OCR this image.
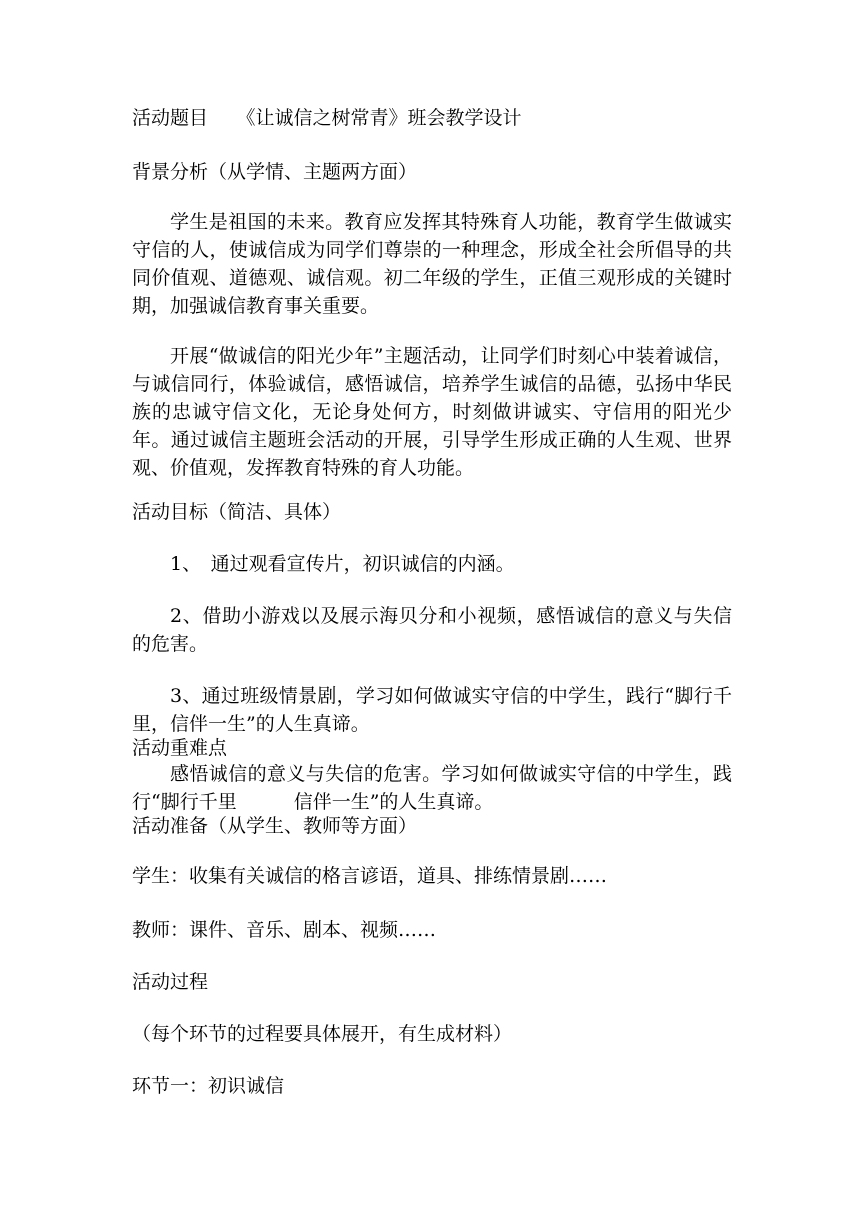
活动题目　　《让诚信之树常青》班会教学设计
背景分析（从学情、主题两方面）
学生是祖国的未来。教育应发挥其特殊育人功能，教育学生做诚实守信的人，使诚信成为同学们尊崇的一种理念，形成全社会所倡导的共同价值观、道德观、诚信观。初二年级的学生，正值三观形成的关键时期，加强诚信教育事关重要。
开展“做诚信的阳光少年”主题活动，让同学们时刻心中装着诚信，与诚信同行，体验诚信，感悟诚信，培养学生诚信的品德，弘扬中华民族的忠诚守信文化，无论身处何方，时刻做讲诚实、守信用的阳光少年。通过诚信主题班会活动的开展，引导学生形成正确的人生观、世界观、价值观，发挥教育特殊的育人功能。
活动目标（简洁、具体）
1、　通过观看宣传片，初识诚信的内涵。
2、借助小游戏以及展示海贝分和小视频，感悟诚信的意义与失信的危害。
3、通过班级情景剧，学习如何做诚实守信的中学生，践行“脚行千里，信伴一生”的人生真谛。
活动重难点
感悟诚信的意义与失信的危害。学习如何做诚实守信的中学生，践行“脚行千里　　　信伴一生”的人生真谛。
活动准备（从学生、教师等方面）
学生：收集有关诚信的格言谚语，道具、排练情景剧……
教师：课件、音乐、剧本、视频……
活动过程
（每个环节的过程要具体展开，有生成材料）
环节一：初识诚信
